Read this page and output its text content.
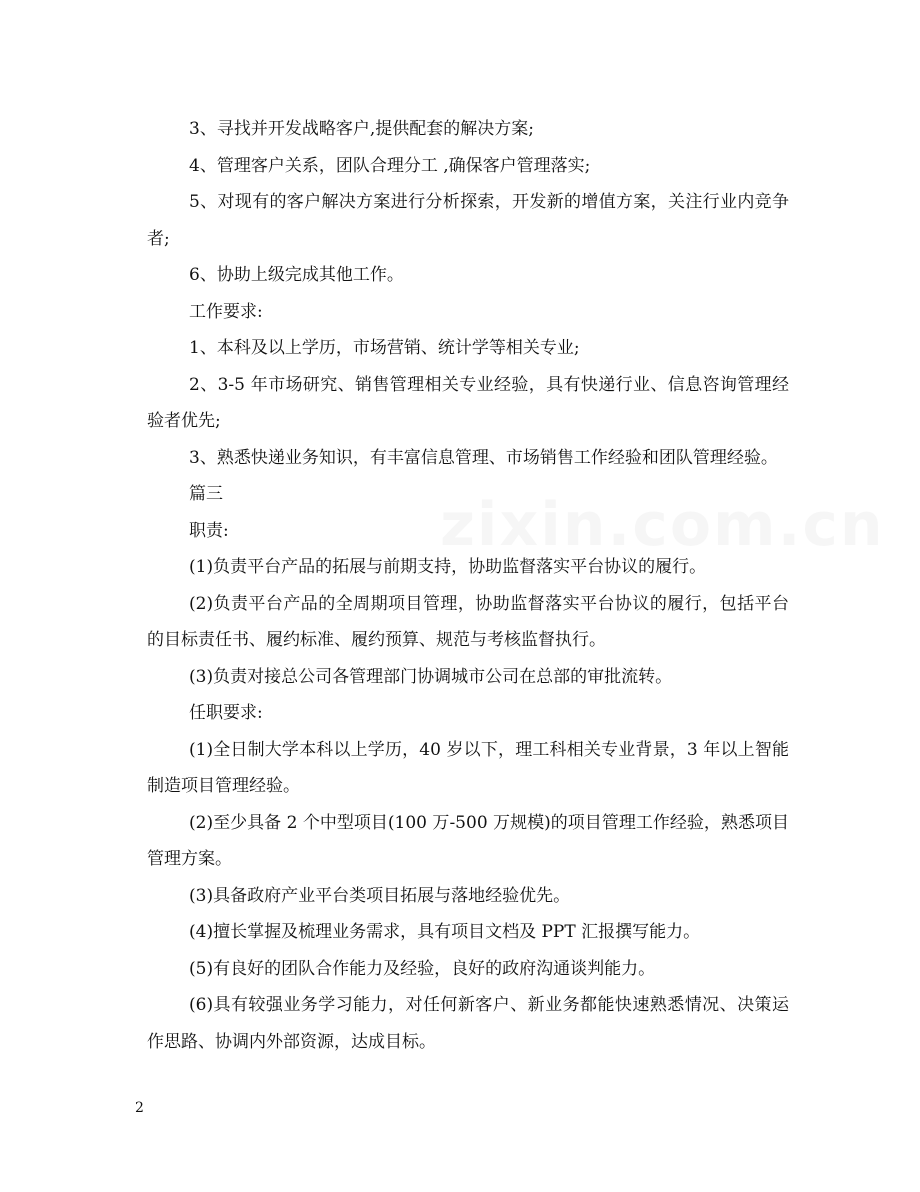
3、寻找并开发战略客户,提供配套的解决方案;

4、管理客户关系，团队合理分工 ,确保客户管理落实;

5、对现有的客户解决方案进行分析探索，开发新的增值方案，关注行业内竞争者;

6、协助上级完成其他工作。

工作要求:

1、本科及以上学历，市场营销、统计学等相关专业;

2、3-5 年市场研究、销售管理相关专业经验，具有快递行业、信息咨询管理经验者优先;

3、熟悉快递业务知识，有丰富信息管理、市场销售工作经验和团队管理经验。

篇三

职责:

(1)负责平台产品的拓展与前期支持，协助监督落实平台协议的履行。

(2)负责平台产品的全周期项目管理，协助监督落实平台协议的履行，包括平台的目标责任书、履约标准、履约预算、规范与考核监督执行。

(3)负责对接总公司各管理部门协调城市公司在总部的审批流转。

任职要求:

(1)全日制大学本科以上学历，40 岁以下，理工科相关专业背景，3 年以上智能制造项目管理经验。

(2)至少具备 2 个中型项目(100 万-500 万规模)的项目管理工作经验，熟悉项目管理方案。

(3)具备政府产业平台类项目拓展与落地经验优先。

(4)擅长掌握及梳理业务需求，具有项目文档及 PPT 汇报撰写能力。

(5)有良好的团队合作能力及经验，良好的政府沟通谈判能力。

(6)具有较强业务学习能力，对任何新客户、新业务都能快速熟悉情况、决策运作思路、协调内外部资源，达成目标。

2
